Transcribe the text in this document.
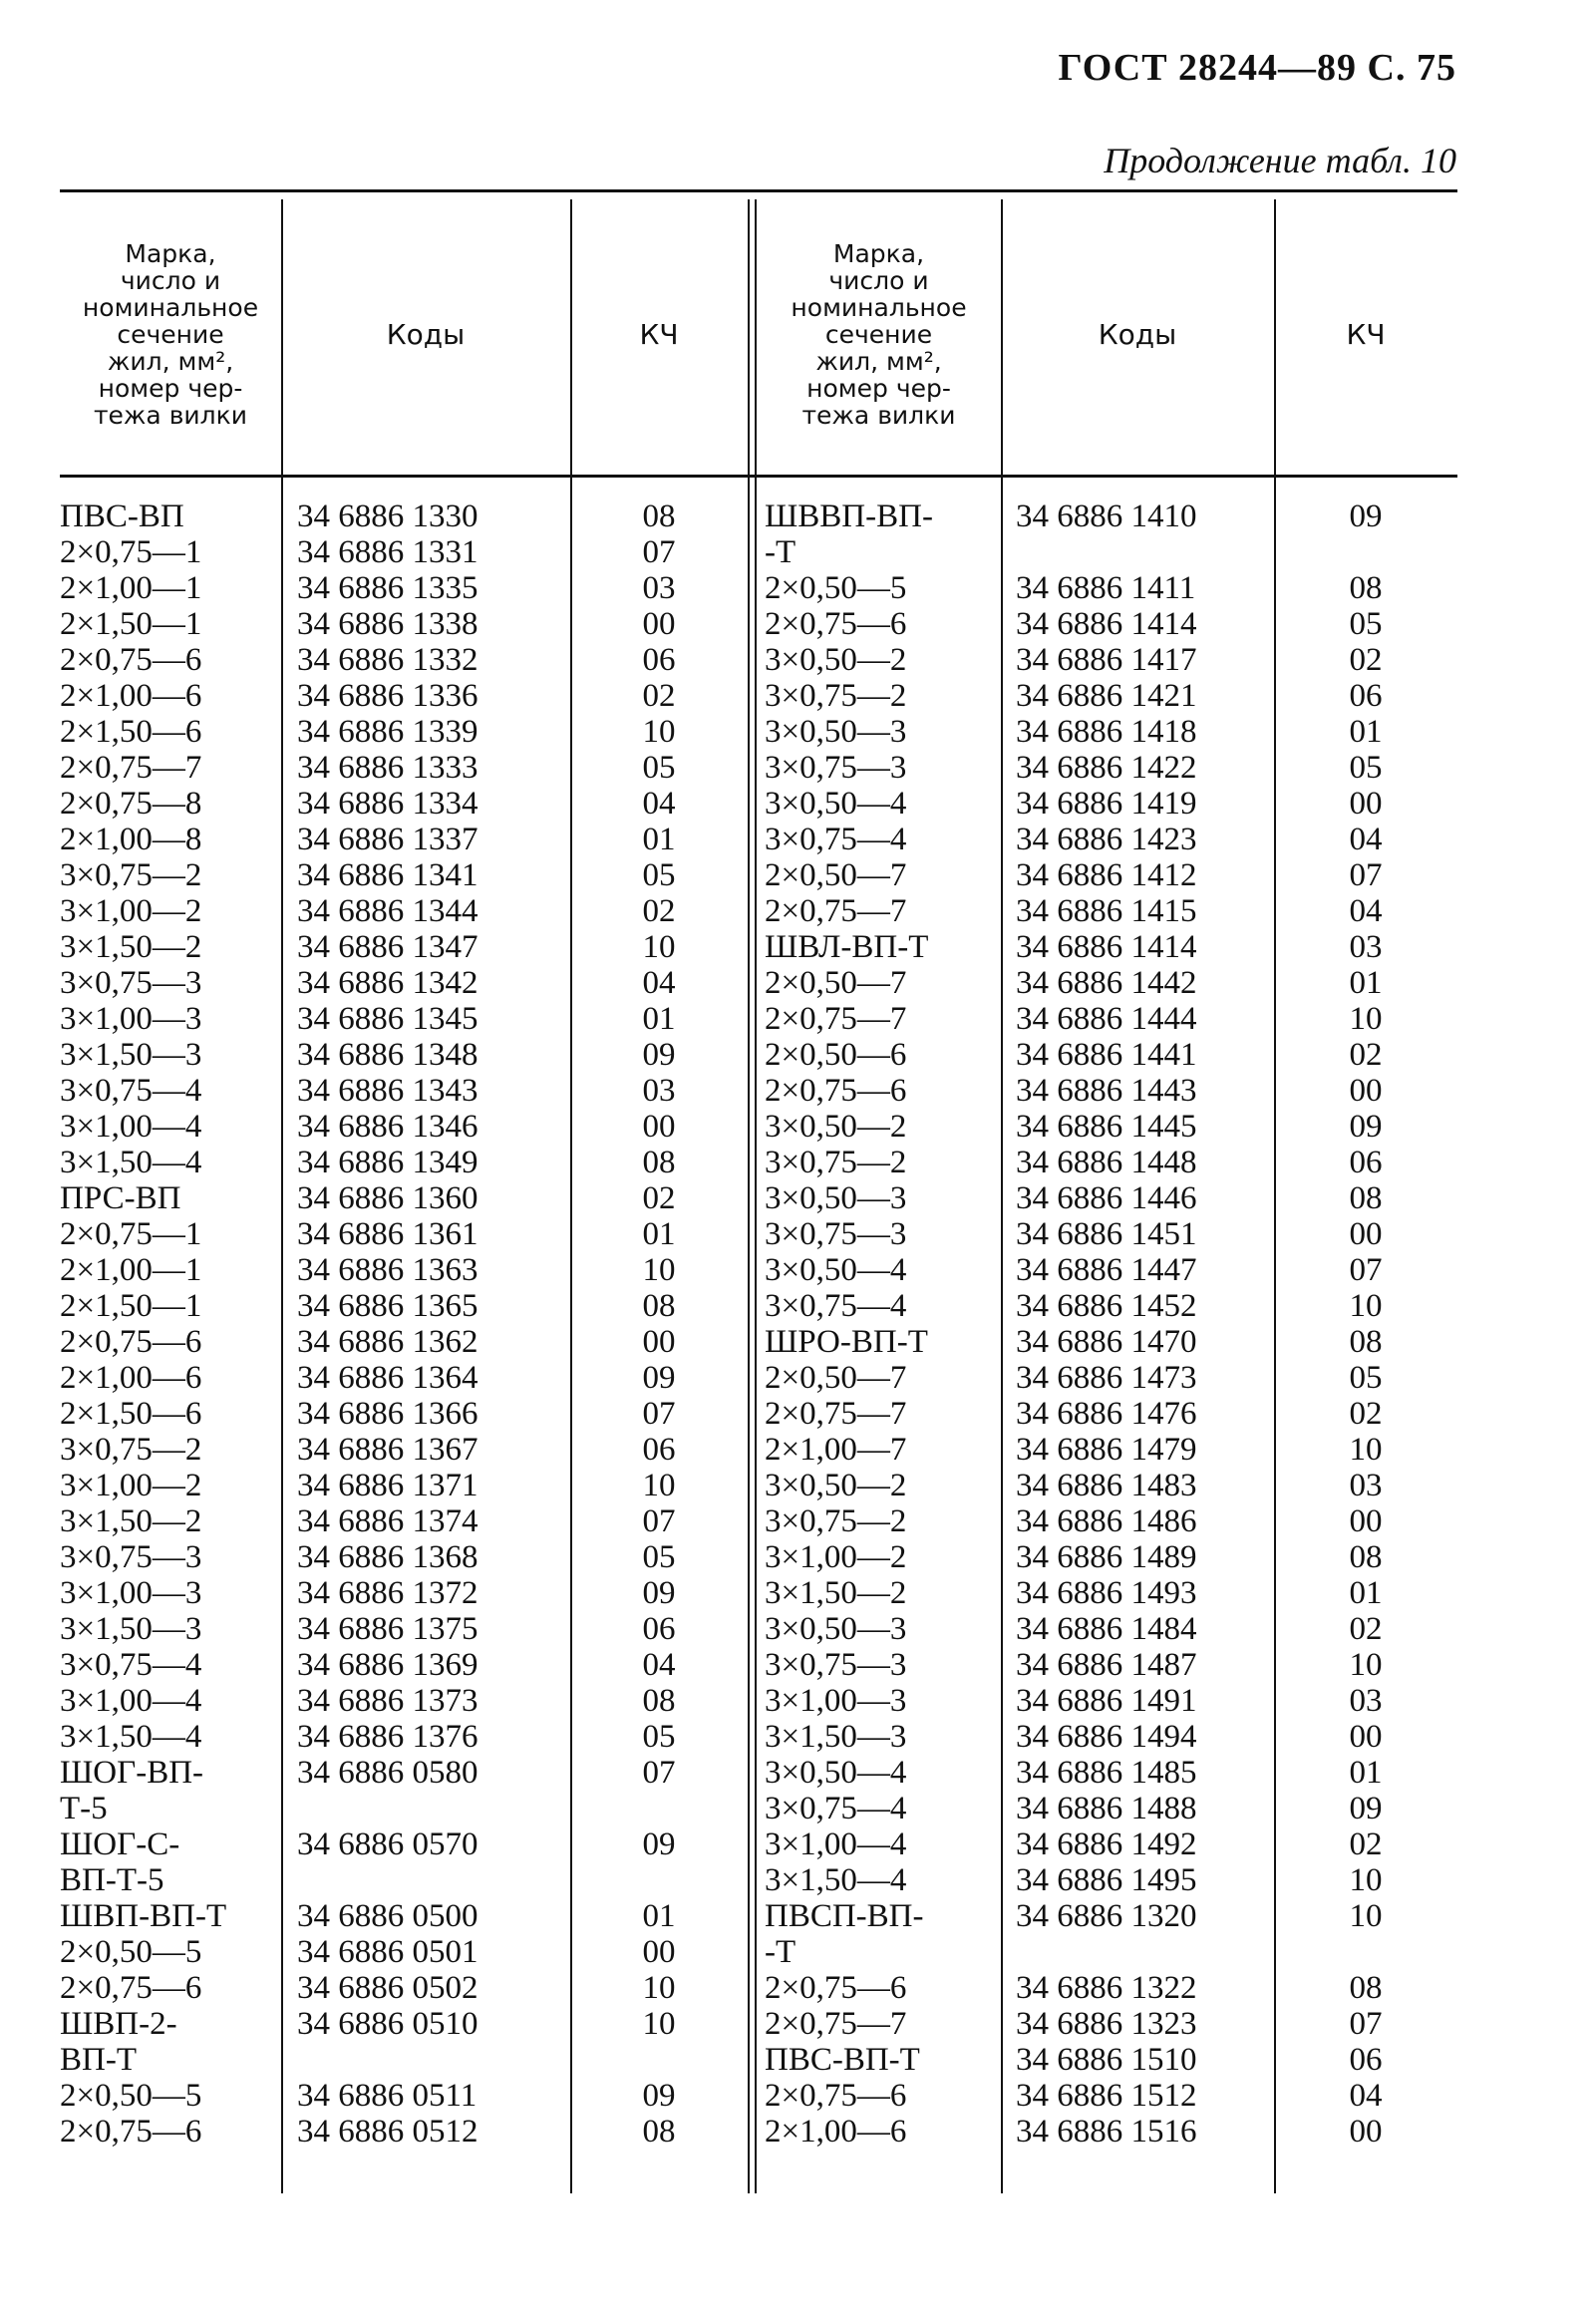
ГОСТ 28244—89 С. 75
Продолжение табл. 10
Марка,
число и
номинальное
сечение
жил, мм²,
номер чер-
тежа вилки
Коды	КЧ
Марка,
число и
номинальное
сечение
жил, мм²,
номер чер-
тежа вилки
Коды	КЧ
ПВС-ВП	34 6886 1330	08
2×0,75—1	34 6886 1331	07
2×1,00—1	34 6886 1335	03
2×1,50—1	34 6886 1338	00
2×0,75—6	34 6886 1332	06
2×1,00—6	34 6886 1336	02
2×1,50—6	34 6886 1339	10
2×0,75—7	34 6886 1333	05
2×0,75—8	34 6886 1334	04
2×1,00—8	34 6886 1337	01
3×0,75—2	34 6886 1341	05
3×1,00—2	34 6886 1344	02
3×1,50—2	34 6886 1347	10
3×0,75—3	34 6886 1342	04
3×1,00—3	34 6886 1345	01
3×1,50—3	34 6886 1348	09
3×0,75—4	34 6886 1343	03
3×1,00—4	34 6886 1346	00
3×1,50—4	34 6886 1349	08
ПРС-ВП	34 6886 1360	02
2×0,75—1	34 6886 1361	01
2×1,00—1	34 6886 1363	10
2×1,50—1	34 6886 1365	08
2×0,75—6	34 6886 1362	00
2×1,00—6	34 6886 1364	09
2×1,50—6	34 6886 1366	07
3×0,75—2	34 6886 1367	06
3×1,00—2	34 6886 1371	10
3×1,50—2	34 6886 1374	07
3×0,75—3	34 6886 1368	05
3×1,00—3	34 6886 1372	09
3×1,50—3	34 6886 1375	06
3×0,75—4	34 6886 1369	04
3×1,00—4	34 6886 1373	08
3×1,50—4	34 6886 1376	05
ШОГ-ВП-	34 6886 0580	07
Т-5
ШОГ-С-	34 6886 0570	09
ВП-Т-5
ШВП-ВП-Т 34 6886 0500	01
2×0,50—5	34 6886 0501	00
2×0,75—6	34 6886 0502	10
ШВП-2-	34 6886 0510	10
ВП-Т
2×0,50—5	34 6886 0511	09
2×0,75—6	34 6886 0512	08
ШВВП-ВП-	34 6886 1410	09
-Т
2×0,50—5	34 6886 1411	08
2×0,75—6	34 6886 1414	05
3×0,50—2	34 6886 1417	02
3×0,75—2	34 6886 1421	06
3×0,50—3	34 6886 1418	01
3×0,75—3	34 6886 1422	05
3×0,50—4	34 6886 1419	00
3×0,75—4	34 6886 1423	04
2×0,50—7	34 6886 1412	07
2×0,75—7	34 6886 1415	04
ШВЛ-ВП-Т	34 6886 1414	03
2×0,50—7	34 6886 1442	01
2×0,75—7	34 6886 1444	10
2×0,50—6	34 6886 1441	02
2×0,75—6	34 6886 1443	00
3×0,50—2	34 6886 1445	09
3×0,75—2	34 6886 1448	06
3×0,50—3	34 6886 1446	08
3×0,75—3	34 6886 1451	00
3×0,50—4	34 6886 1447	07
3×0,75—4	34 6886 1452	10
ШРО-ВП-Т	34 6886 1470	08
2×0,50—7	34 6886 1473	05
2×0,75—7	34 6886 1476	02
2×1,00—7	34 6886 1479	10
3×0,50—2	34 6886 1483	03
3×0,75—2	34 6886 1486	00
3×1,00—2	34 6886 1489	08
3×1,50—2	34 6886 1493	01
3×0,50—3	34 6886 1484	02
3×0,75—3	34 6886 1487	10
3×1,00—3	34 6886 1491	03
3×1,50—3	34 6886 1494	00
3×0,50—4	34 6886 1485	01
3×0,75—4	34 6886 1488	09
3×1,00—4	34 6886 1492	02
3×1,50—4	34 6886 1495	10
ПВСП-ВП-	34 6886 1320	10
-Т
2×0,75—6	34 6886 1322	08
2×0,75—7	34 6886 1323	07
ПВС-ВП-Т	34 6886 1510	06
2×0,75—6	34 6886 1512	04
2×1,00—6	34 6886 1516	00
